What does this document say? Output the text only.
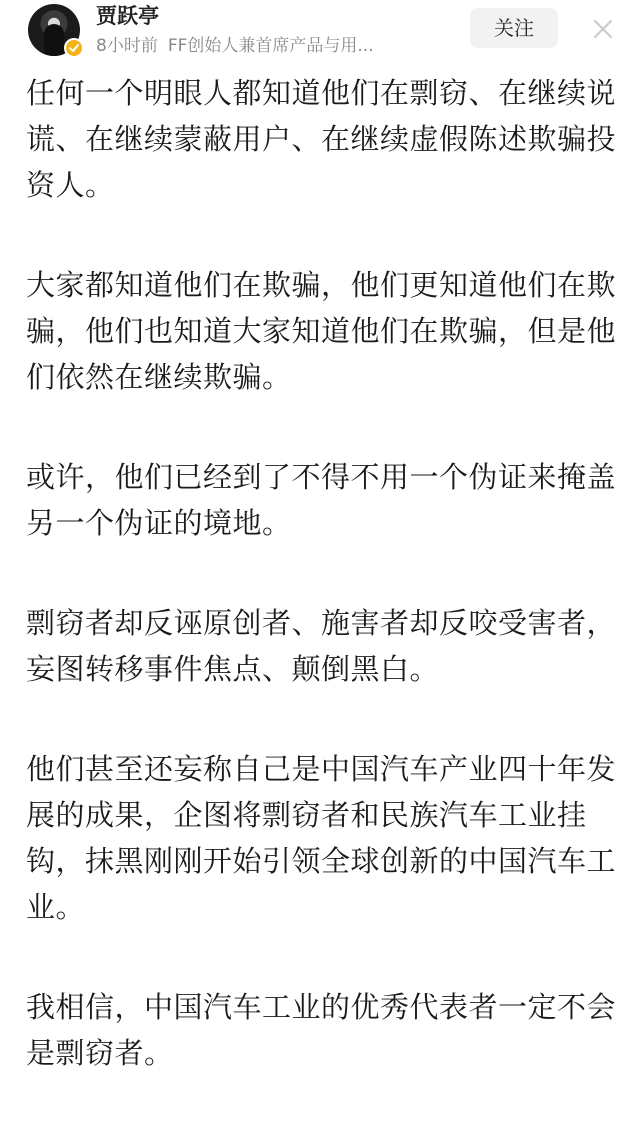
贾跃亭
8小时前 FF创始人兼首席产品与用...
关注

任何一个明眼人都知道他们在剽窃、在继续说谎、在继续蒙蔽用户、在继续虚假陈述欺骗投资人。

大家都知道他们在欺骗，他们更知道他们在欺骗，他们也知道大家知道他们在欺骗，但是他们依然在继续欺骗。

或许，他们已经到了不得不用一个伪证来掩盖另一个伪证的境地。

剽窃者却反诬原创者、施害者却反咬受害者，妄图转移事件焦点、颠倒黑白。

他们甚至还妄称自己是中国汽车产业四十年发展的成果，企图将剽窃者和民族汽车工业挂钩，抹黑刚刚开始引领全球创新的中国汽车工业。

我相信，中国汽车工业的优秀代表者一定不会是剽窃者。
